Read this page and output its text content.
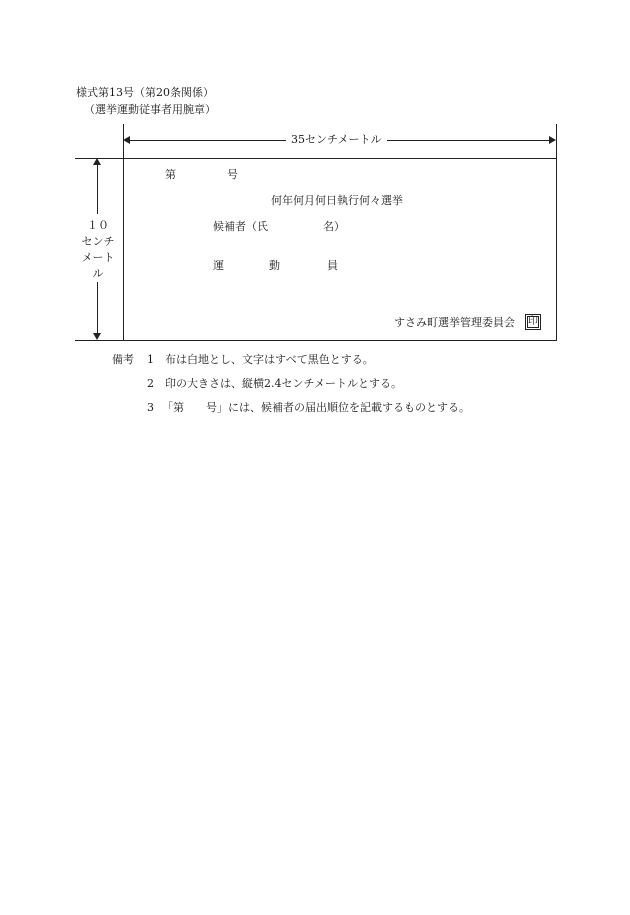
様式第13号（第20条関係）
（選挙運動従事者用腕章）
35センチメートル
１０
センチ
メート
ル
第	号
何年何月何日執行何々選挙
候補者（氏　　　　　名）
運	動	員
すさみ町選挙管理委員会	印
備考 1 布は白地とし、文字はすべて黒色とする。
2 印の大きさは、縦横2.4センチメートルとする。
3 「第　　号」には、候補者の届出順位を記載するものとする。
